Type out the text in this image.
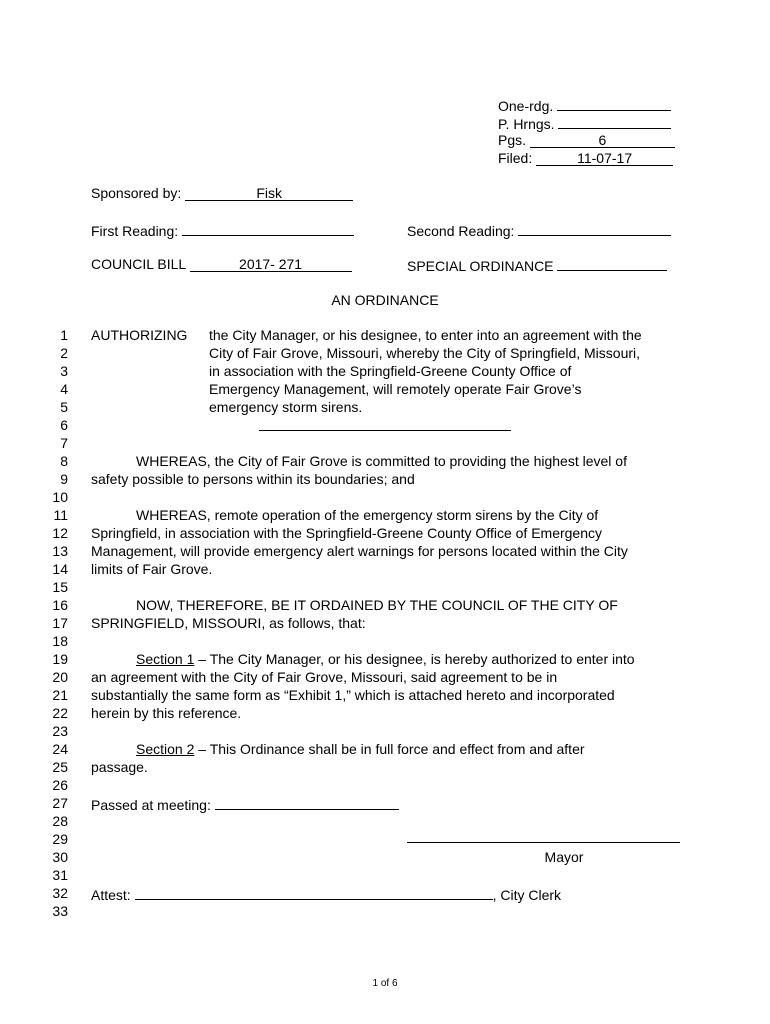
One-rdg.
P. Hrngs.
Pgs.	6
Filed:	11-07-17
Sponsored by:	Fisk
First Reading:	Second Reading:
COUNCIL BILL	2017- 271	SPECIAL ORDINANCE
AN ORDINANCE
1
2
3
4
5
6
7
8
9
10
11
12
13
14
15
16
17
18
19
20
21
22
23
24
25
26
27
28
29
30
31
32
33
AUTHORIZING the City Manager, or his designee, to enter into an agreement with the
City of Fair Grove, Missouri, whereby the City of Springfield, Missouri,
in association with the Springfield-Greene County Office of
Emergency Management, will remotely operate Fair Grove’s
emergency storm sirens.
WHEREAS, the City of Fair Grove is committed to providing the highest level of
safety possible to persons within its boundaries; and
WHEREAS, remote operation of the emergency storm sirens by the City of
Springfield, in association with the Springfield-Greene County Office of Emergency
Management, will provide emergency alert warnings for persons located within the City
limits of Fair Grove.
NOW, THEREFORE, BE IT ORDAINED BY THE COUNCIL OF THE CITY OF
SPRINGFIELD, MISSOURI, as follows, that:
Section 1 – The City Manager, or his designee, is hereby authorized to enter into
an agreement with the City of Fair Grove, Missouri, said agreement to be in
substantially the same form as “Exhibit 1,” which is attached hereto and incorporated
herein by this reference.
Section 2 – This Ordinance shall be in full force and effect from and after
passage.
Passed at meeting:
Mayor
Attest:	, City Clerk
1 of 6
